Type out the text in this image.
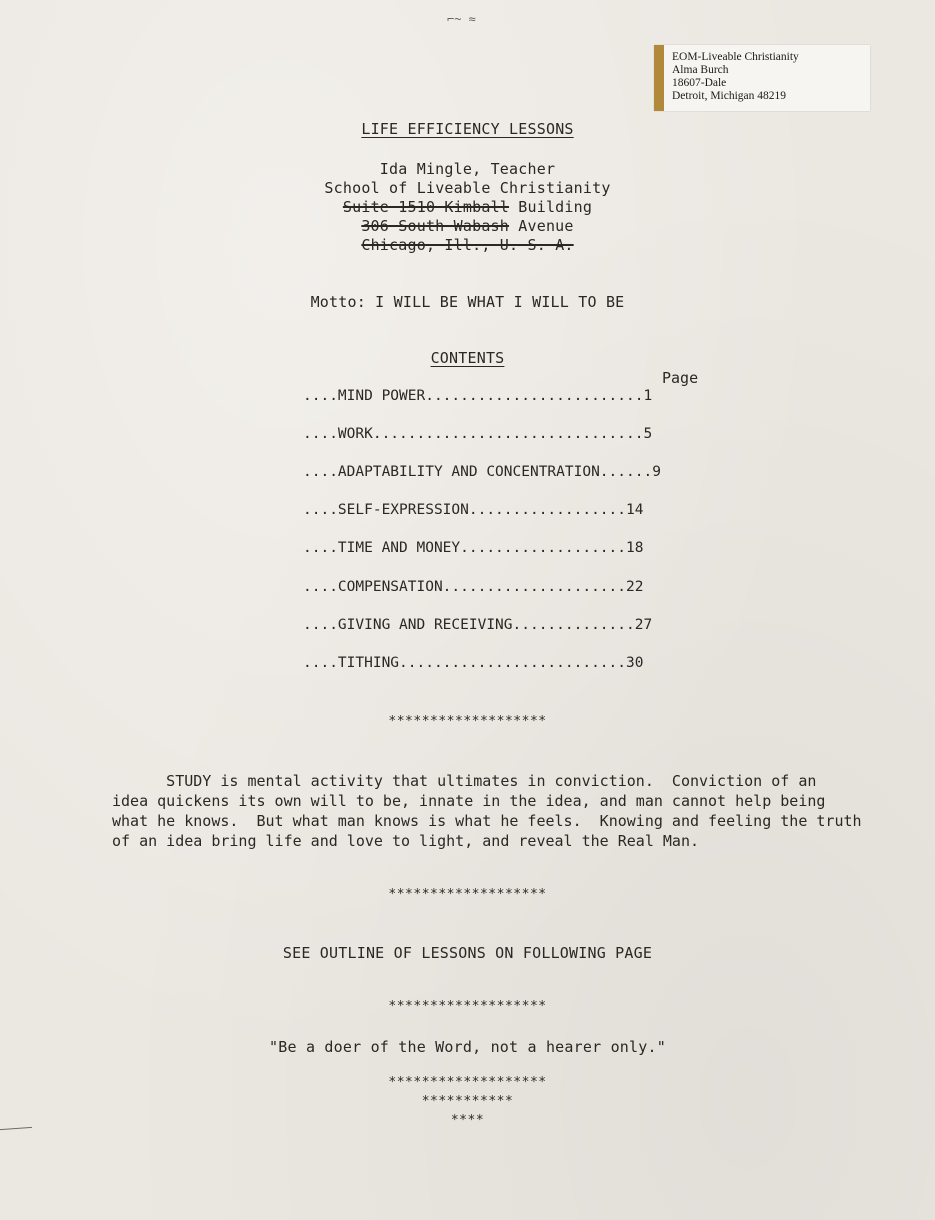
⌐~ ≈
EOM-Liveable Christianity
Alma Burch
18607-Dale
Detroit, Michigan 48219
LIFE EFFICIENCY LESSONS
Ida Mingle, Teacher
School of Liveable Christianity
Suite 1510 Kimball Building
306 South Wabash Avenue
Chicago, Ill., U. S. A.
Motto: I WILL BE WHAT I WILL TO BE
CONTENTS
Page
....MIND POWER.........................1
....WORK...............................5
....ADAPTABILITY AND CONCENTRATION......9
....SELF-EXPRESSION..................14
....TIME AND MONEY...................18
....COMPENSATION.....................22
....GIVING AND RECEIVING..............27
....TITHING..........................30
*******************
STUDY is mental activity that ultimates in conviction.  Conviction of an
idea quickens its own will to be, innate in the idea, and man cannot help being
what he knows.  But what man knows is what he feels.  Knowing and feeling the truth
of an idea bring life and love to light, and reveal the Real Man.
*******************
SEE OUTLINE OF LESSONS ON FOLLOWING PAGE
*******************
"Be a doer of the Word, not a hearer only."
*******************
***********
****
